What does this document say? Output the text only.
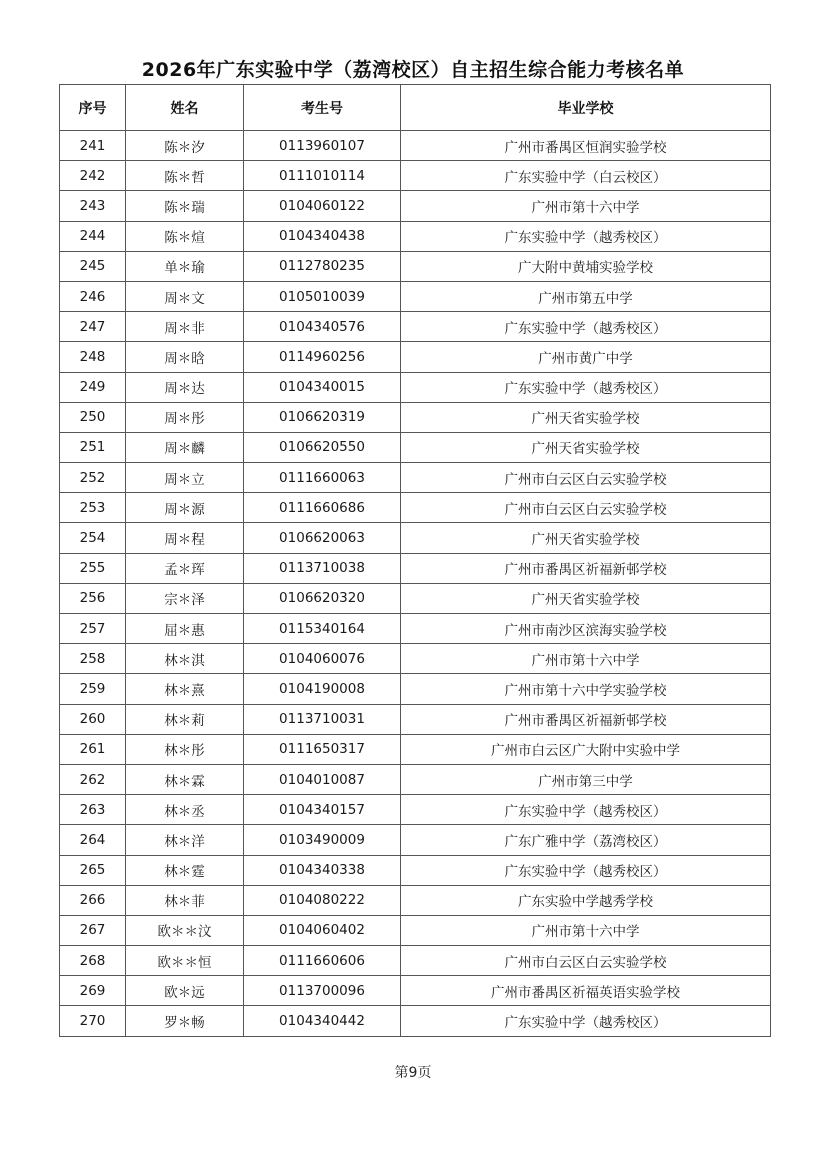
2026年广东实验中学（荔湾校区）自主招生综合能力考核名单
序号	姓名	考生号	毕业学校
241	陈＊汐	0113960107	广州市番禺区恒润实验学校
242	陈＊哲	0111010114	广东实验中学（白云校区）
243	陈＊瑞	0104060122	广州市第十六中学
244	陈＊煊	0104340438	广东实验中学（越秀校区）
245	单＊瑜	0112780235	广大附中黄埔实验学校
246	周＊文	0105010039	广州市第五中学
247	周＊非	0104340576	广东实验中学（越秀校区）
248	周＊晗	0114960256	广州市黄广中学
249	周＊达	0104340015	广东实验中学（越秀校区）
250	周＊彤	0106620319	广州天省实验学校
251	周＊麟	0106620550	广州天省实验学校
252	周＊立	0111660063	广州市白云区白云实验学校
253	周＊源	0111660686	广州市白云区白云实验学校
254	周＊程	0106620063	广州天省实验学校
255	孟＊珲	0113710038	广州市番禺区祈福新邨学校
256	宗＊泽	0106620320	广州天省实验学校
257	屈＊惠	0115340164	广州市南沙区滨海实验学校
258	林＊淇	0104060076	广州市第十六中学
259	林＊熹	0104190008	广州市第十六中学实验学校
260	林＊莉	0113710031	广州市番禺区祈福新邨学校
261	林＊彤	0111650317	广州市白云区广大附中实验中学
262	林＊霖	0104010087	广州市第三中学
263	林＊丞	0104340157	广东实验中学（越秀校区）
264	林＊洋	0103490009	广东广雅中学（荔湾校区）
265	林＊霆	0104340338	广东实验中学（越秀校区）
266	林＊菲	0104080222	广东实验中学越秀学校
267	欧＊＊汶	0104060402	广州市第十六中学
268	欧＊＊恒	0111660606	广州市白云区白云实验学校
269	欧＊远	0113700096	广州市番禺区祈福英语实验学校
270	罗＊畅	0104340442	广东实验中学（越秀校区）
第9页
